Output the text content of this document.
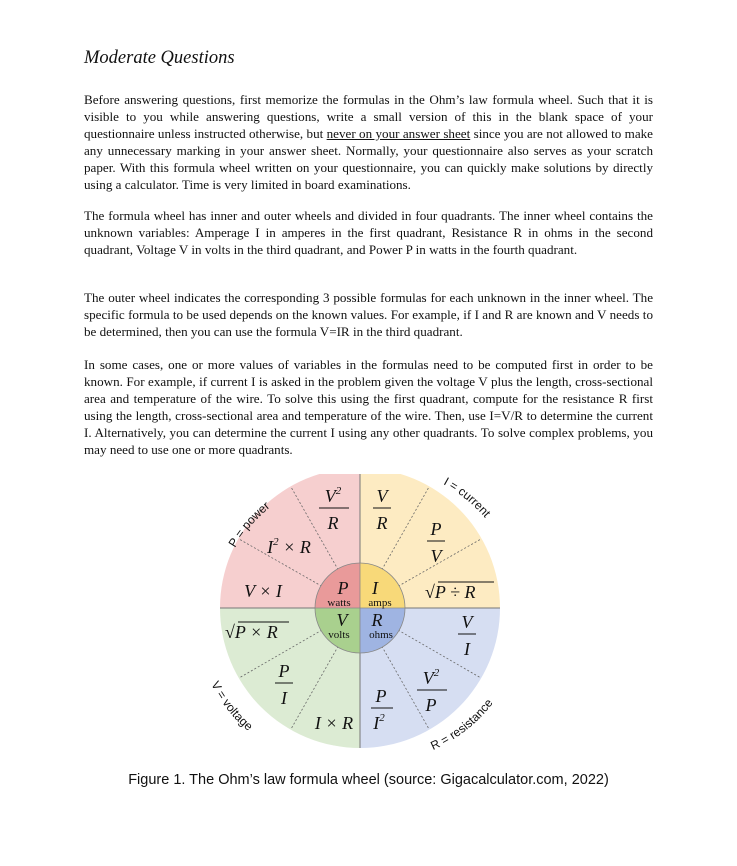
Moderate Questions

Before answering questions, first memorize the formulas in the Ohm’s law formula wheel. Such that it is visible to you while answering questions, write a small version of this in the blank space of your questionnaire unless instructed otherwise, but never on your answer sheet since you are not allowed to make any unnecessary marking in your answer sheet. Normally, your questionnaire also serves as your scratch paper. With this formula wheel written on your questionnaire, you can quickly make solutions by directly using a calculator. Time is very limited in board examinations.

The formula wheel has inner and outer wheels and divided in four quadrants. The inner wheel contains the unknown variables: Amperage I in amperes in the first quadrant, Resistance R in ohms in the second quadrant, Voltage V in volts in the third quadrant, and Power P in watts in the fourth quadrant.

The outer wheel indicates the corresponding 3 possible formulas for each unknown in the inner wheel. The specific formula to be used depends on the known values. For example, if I and R are known and V needs to be determined, then you can use the formula V=IR in the third quadrant.

In some cases, one or more values of variables in the formulas need to be computed first in order to be known. For example, if current I is asked in the problem given the voltage V plus the length, cross-sectional area and temperature of the wire. To solve this using the first quadrant, compute for the resistance R first using the length, cross-sectional area and temperature of the wire. Then, use I=V/R to determine the current I. Alternatively, you can determine the current I using any other quadrants. To solve complex problems, you may need to use one or more quadrants.

P
watts
I
amps
V
volts
R
ohms
P = power
I = current
V = voltage
R = resistance
$V^2$
R
$I^2 \times R$
V × I
V
R P
V
√P ÷ R
√P × R
P
I
I × R
V
I
$V^2$
P
P
$I^2$
Figure 1. The Ohm’s law formula wheel (source: Gigacalculator.com, 2022)
